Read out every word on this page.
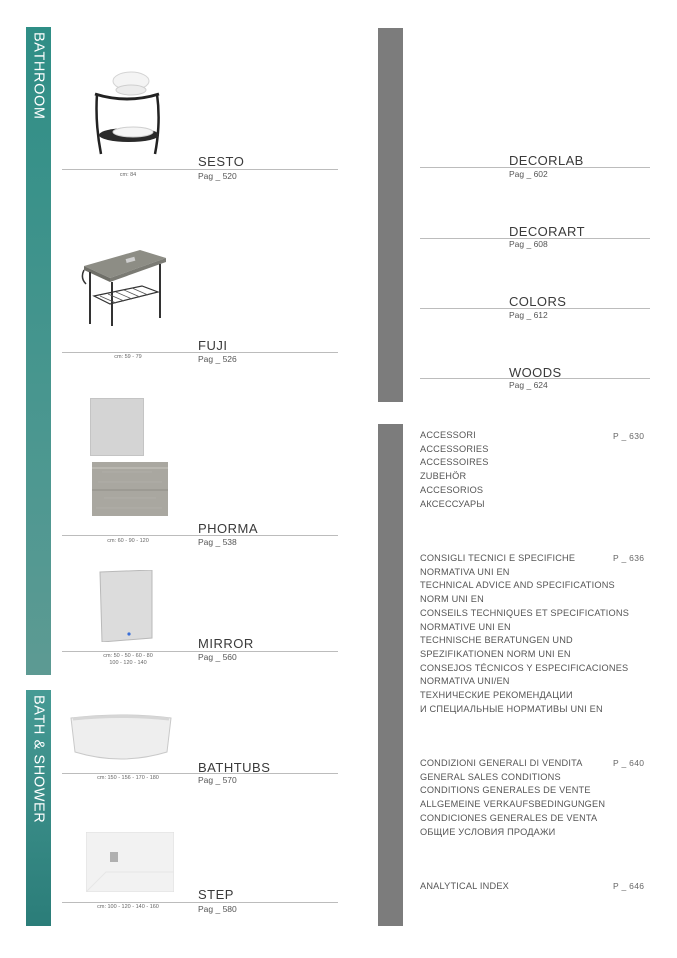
BATHROOM
BATH & SHOWER
cm: 84
SESTO
Pag _ 520
cm: 59 - 79
FUJI
Pag _ 526
cm: 60 - 90 - 120
PHORMA
Pag _ 538
cm: 50 - 50 - 60 - 80
100 - 120 - 140
MIRROR
Pag _ 560
cm: 150 - 156 - 170 - 180
BATHTUBS
Pag _ 570
cm: 100 - 120 - 140 - 160
STEP
Pag _ 580
DECORLAB
Pag _ 602
DECORART
Pag _ 608
COLORS
Pag _ 612
WOODS
Pag _ 624
ACCESSORI
ACCESSORIES
ACCESSOIRES
ZUBEHÖR
ACCESORIOS
АКСЕССУАРЫ
P _ 630
CONSIGLI TECNICI E SPECIFICHE
NORMATIVA UNI EN
TECHNICAL ADVICE AND SPECIFICATIONS
NORM UNI EN
CONSEILS TECHNIQUES ET SPECIFICATIONS
NORMATIVE UNI EN
TECHNISCHE BERATUNGEN UND
SPEZIFIKATIONEN NORM UNI EN
CONSEJOS TÉCNICOS Y ESPECIFICACIONES
NORMATIVA UNI/EN
ТЕХНИЧЕСКИЕ РЕКОМЕНДАЦИИ
И СПЕЦИАЛЬНЫЕ НОРМАТИВЫ UNI EN
P _ 636
CONDIZIONI GENERALI DI VENDITA
GENERAL SALES CONDITIONS
CONDITIONS GENERALES DE VENTE
ALLGEMEINE VERKAUFSBEDINGUNGEN
CONDICIONES GENERALES DE VENTA
ОБЩИЕ УСЛОВИЯ ПРОДАЖИ
P _ 640
ANALYTICAL INDEX	P _ 646
